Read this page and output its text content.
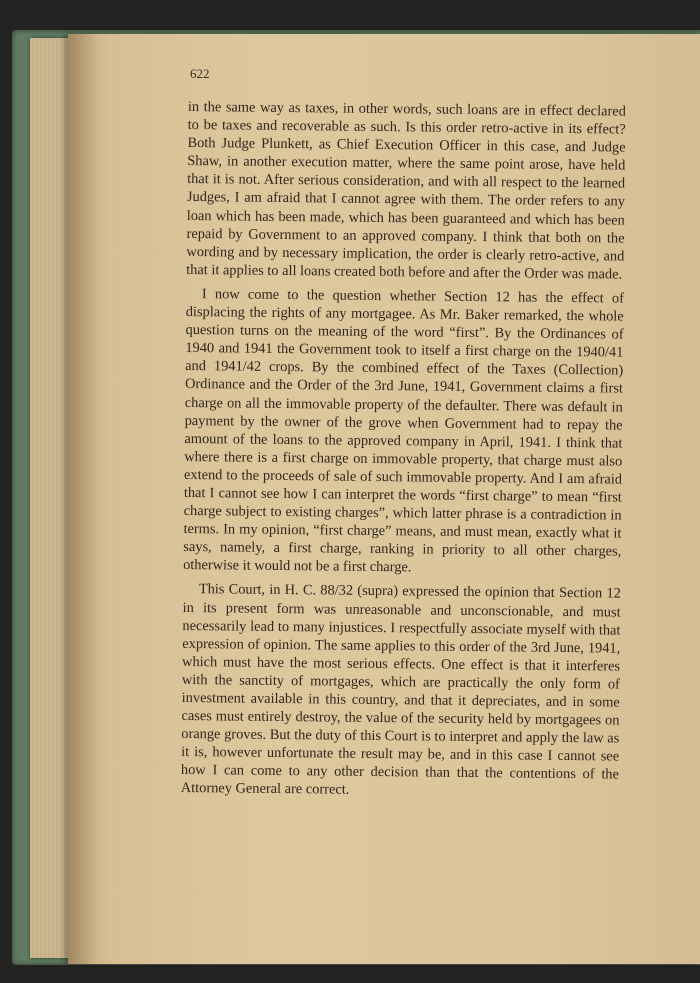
622

in the same way as taxes, in other words, such loans are in effect declared to be taxes and recoverable as such. Is this order retro-active in its effect? Both Judge Plunkett, as Chief Execution Officer in this case, and Judge Shaw, in another execution matter, where the same point arose, have held that it is not. After serious consideration, and with all respect to the learned Judges, I am afraid that I cannot agree with them. The order refers to any loan which has been made, which has been guaranteed and which has been repaid by Government to an approved company. I think that both on the wording and by necessary implication, the order is clearly retro-active, and that it applies to all loans created both before and after the Order was made.

I now come to the question whether Section 12 has the effect of displacing the rights of any mortgagee. As Mr. Baker remarked, the whole question turns on the meaning of the word “first”. By the Ordinances of 1940 and 1941 the Government took to itself a first charge on the 1940/41 and 1941/42 crops. By the combined effect of the Taxes (Collection) Ordinance and the Order of the 3rd June, 1941, Government claims a first charge on all the immovable property of the defaulter. There was default in payment by the owner of the grove when Government had to repay the amount of the loans to the approved company in April, 1941. I think that where there is a first charge on immovable property, that charge must also extend to the proceeds of sale of such immovable property. And I am afraid that I cannot see how I can interpret the words “first charge” to mean “first charge subject to existing charges”, which latter phrase is a contradiction in terms. In my opinion, “first charge” means, and must mean, exactly what it says, namely, a first charge, ranking in priority to all other charges, otherwise it would not be a first charge.

This Court, in H. C. 88/32 (supra) expressed the opinion that Section 12 in its present form was unreasonable and unconscionable, and must necessarily lead to many injustices. I respectfully associate myself with that expression of opinion. The same applies to this order of the 3rd June, 1941, which must have the most serious effects. One effect is that it interferes with the sanctity of mortgages, which are practically the only form of investment available in this country, and that it depreciates, and in some cases must entirely destroy, the value of the security held by mortgagees on orange groves. But the duty of this Court is to interpret and apply the law as it is, however unfortunate the result may be, and in this case I cannot see how I can come to any other decision than that the contentions of the Attorney General are correct.
